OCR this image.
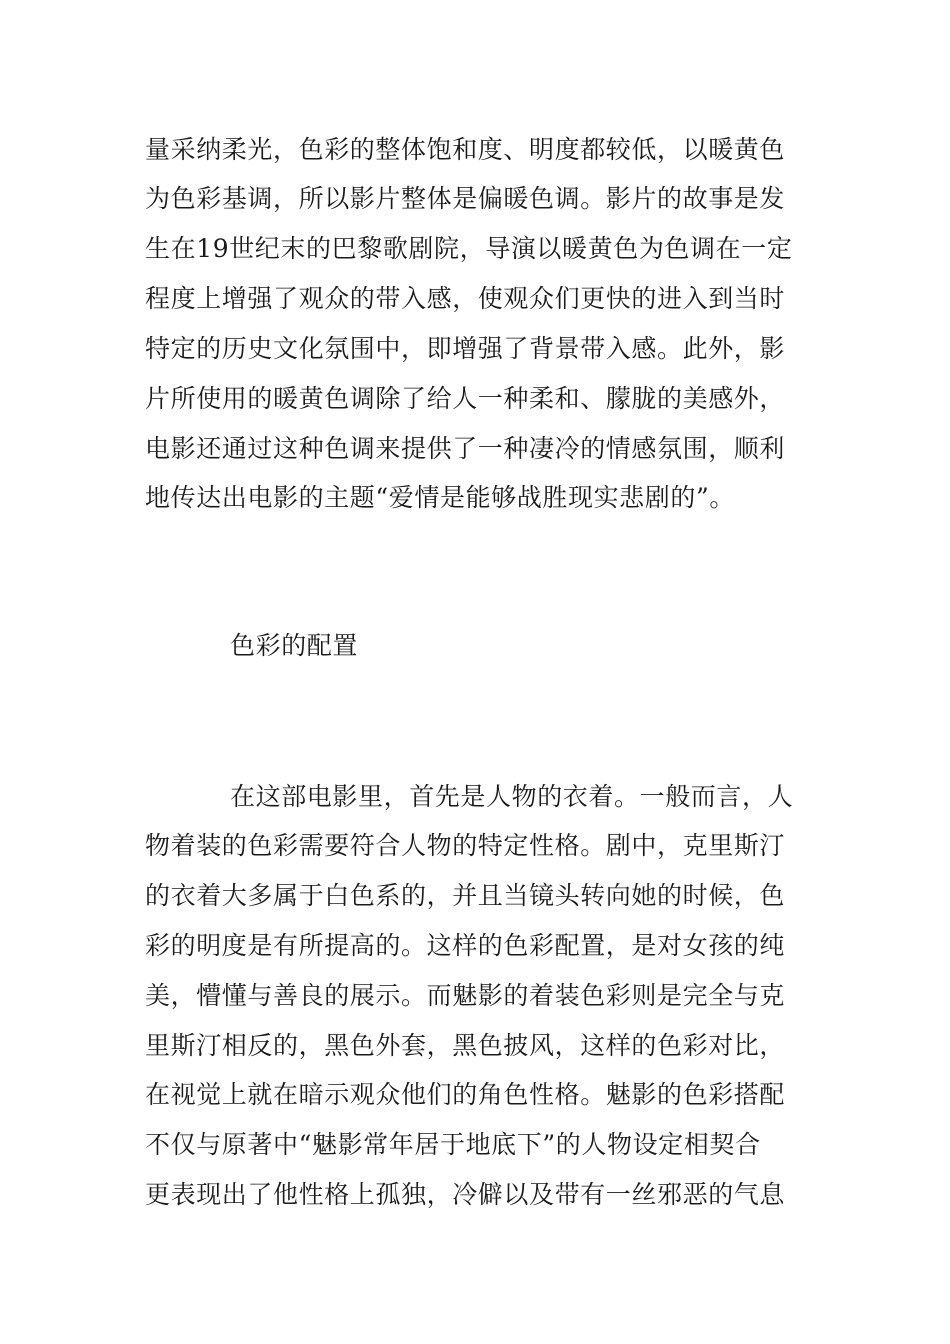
量采纳柔光，色彩的整体饱和度、明度都较低，以暖黄色
为色彩基调，所以影片整体是偏暖色调。影片的故事是发
生在19世纪末的巴黎歌剧院，导演以暖黄色为色调在一定
程度上增强了观众的带入感，使观众们更快的进入到当时
特定的历史文化氛围中，即增强了背景带入感。此外，影
片所使用的暖黄色调除了给人一种柔和、朦胧的美感外，
电影还通过这种色调来提供了一种凄冷的情感氛围，顺利
地传达出电影的主题“爱情是能够战胜现实悲剧的”。
色彩的配置
在这部电影里，首先是人物的衣着。一般而言，人
物着装的色彩需要符合人物的特定性格。剧中，克里斯汀
的衣着大多属于白色系的，并且当镜头转向她的时候，色
彩的明度是有所提高的。这样的色彩配置，是对女孩的纯
美，懵懂与善良的展示。而魅影的着装色彩则是完全与克
里斯汀相反的，黑色外套，黑色披风，这样的色彩对比，
在视觉上就在暗示观众他们的角色性格。魅影的色彩搭配
不仅与原著中“魅影常年居于地底下”的人物设定相契合
更表现出了他性格上孤独，冷僻以及带有一丝邪恶的气息
